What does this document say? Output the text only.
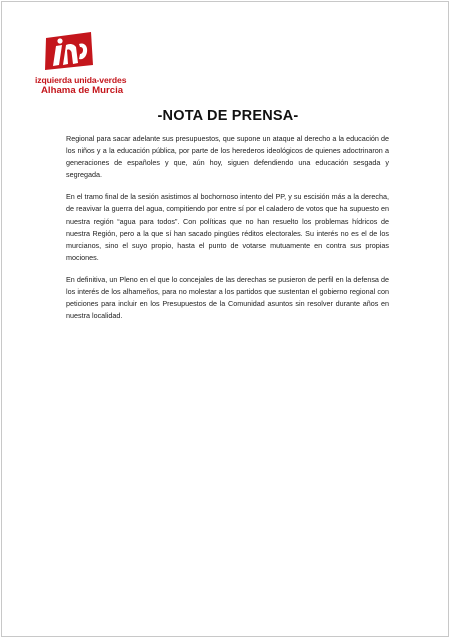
izquierda unida-verdes
Alhama de Murcia
-NOTA DE PRENSA-

Regional para sacar adelante sus presupuestos, que supone un ataque al derecho a la educación de los niños y a la educación pública, por parte de los herederos ideológicos de quienes adoctrinaron a generaciones de españoles y que, aún hoy, siguen defendiendo una educación sesgada y segregada.

En el tramo final de la sesión asistimos al bochornoso intento del PP, y su escisión más a la derecha, de reavivar la guerra del agua, compitiendo por entre sí por el caladero de votos que ha supuesto en nuestra región “agua para todos”. Con políticas que no han resuelto los problemas hídricos de nuestra Región, pero a la que sí han sacado pingües réditos electorales. Su interés no es el de los murcianos, sino el suyo propio, hasta el punto de votarse mutuamente en contra sus propias mociones.

En definitiva, un Pleno en el que lo concejales de las derechas se pusieron de perfil en la defensa de los interés de los alhameños, para no molestar a los partidos que sustentan el gobierno regional con peticiones para incluir en los Presupuestos de la Comunidad asuntos sin resolver durante años en nuestra localidad.
